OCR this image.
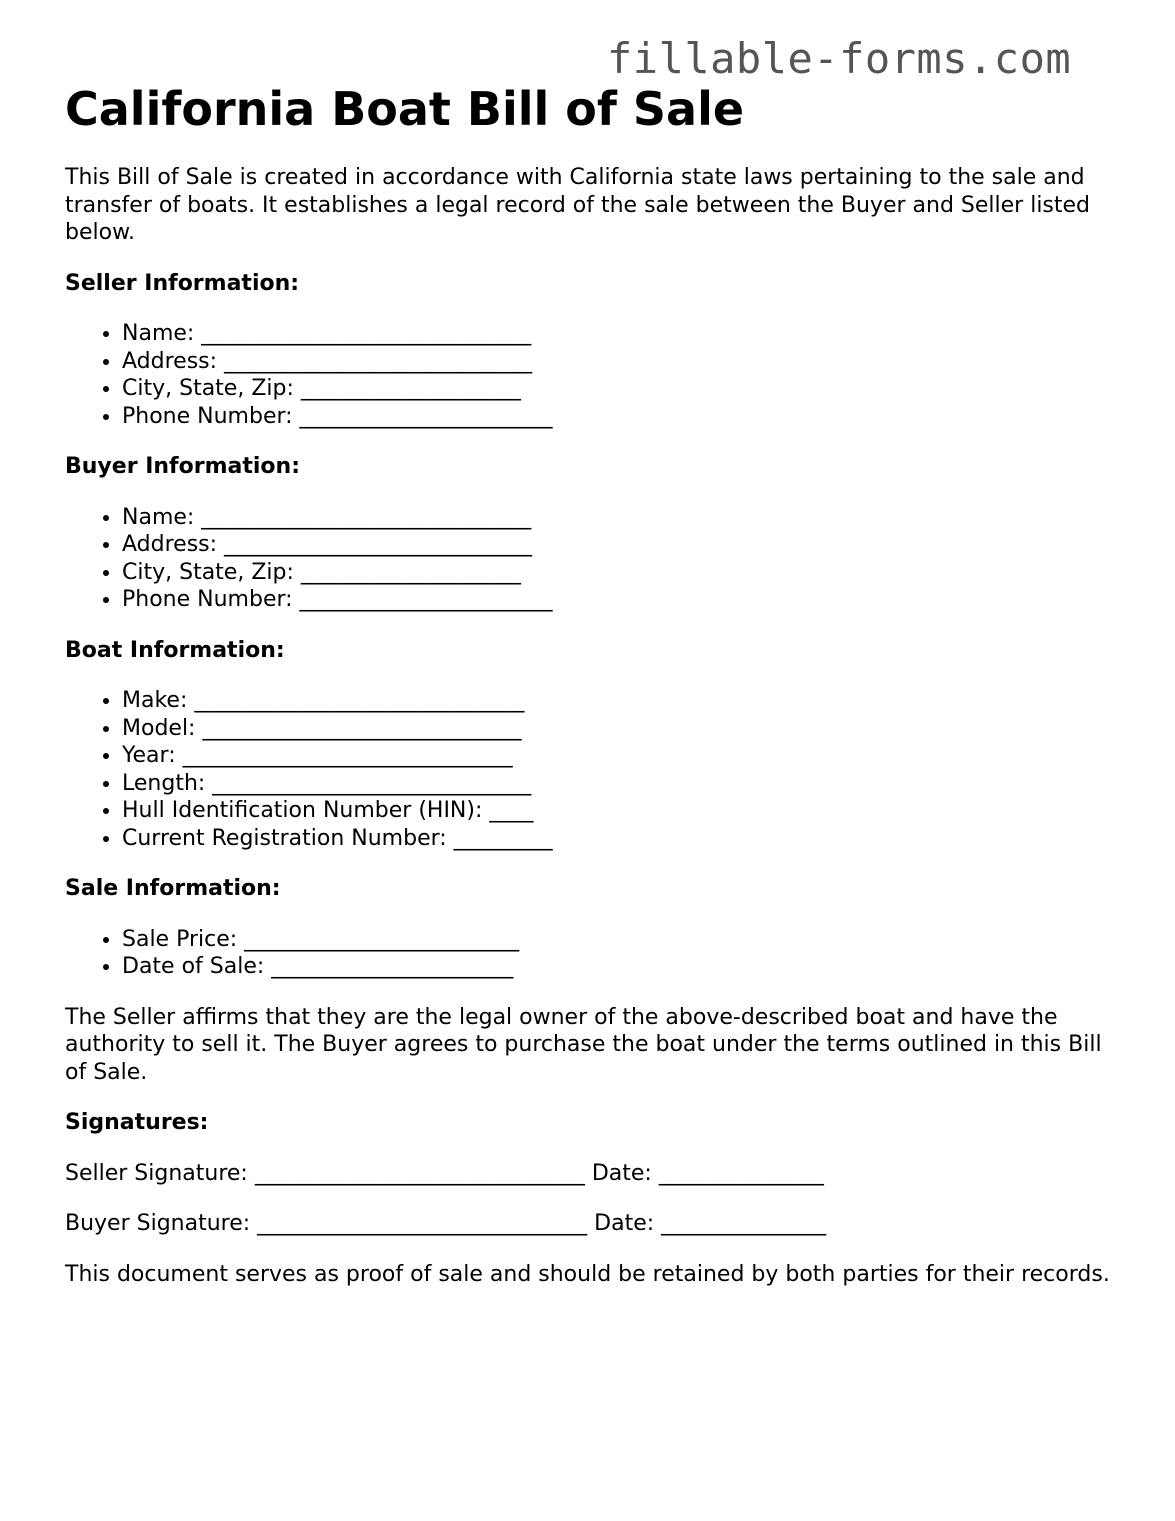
fillable-forms.com
California Boat Bill of Sale

This Bill of Sale is created in accordance with California state laws pertaining to the sale and transfer of boats. It establishes a legal record of the sale between the Buyer and Seller listed below.

Seller Information:
• Name: ______________________________
• Address: ____________________________
• City, State, Zip: ____________________
• Phone Number: _______________________
Buyer Information:
• Name: ______________________________
• Address: ____________________________
• City, State, Zip: ____________________
• Phone Number: _______________________
Boat Information:
• Make: ______________________________
• Model: _____________________________
• Year: ______________________________
• Length: _____________________________
• Hull Identification Number (HIN): ____
• Current Registration Number: _________
Sale Information:
• Sale Price: _________________________
• Date of Sale: ______________________

The Seller affirms that they are the legal owner of the above-described boat and have the authority to sell it. The Buyer agrees to purchase the boat under the terms outlined in this Bill of Sale.

Signatures:

Seller Signature: ______________________________ Date: _______________

Buyer Signature: ______________________________ Date: _______________

This document serves as proof of sale and should be retained by both parties for their records.
